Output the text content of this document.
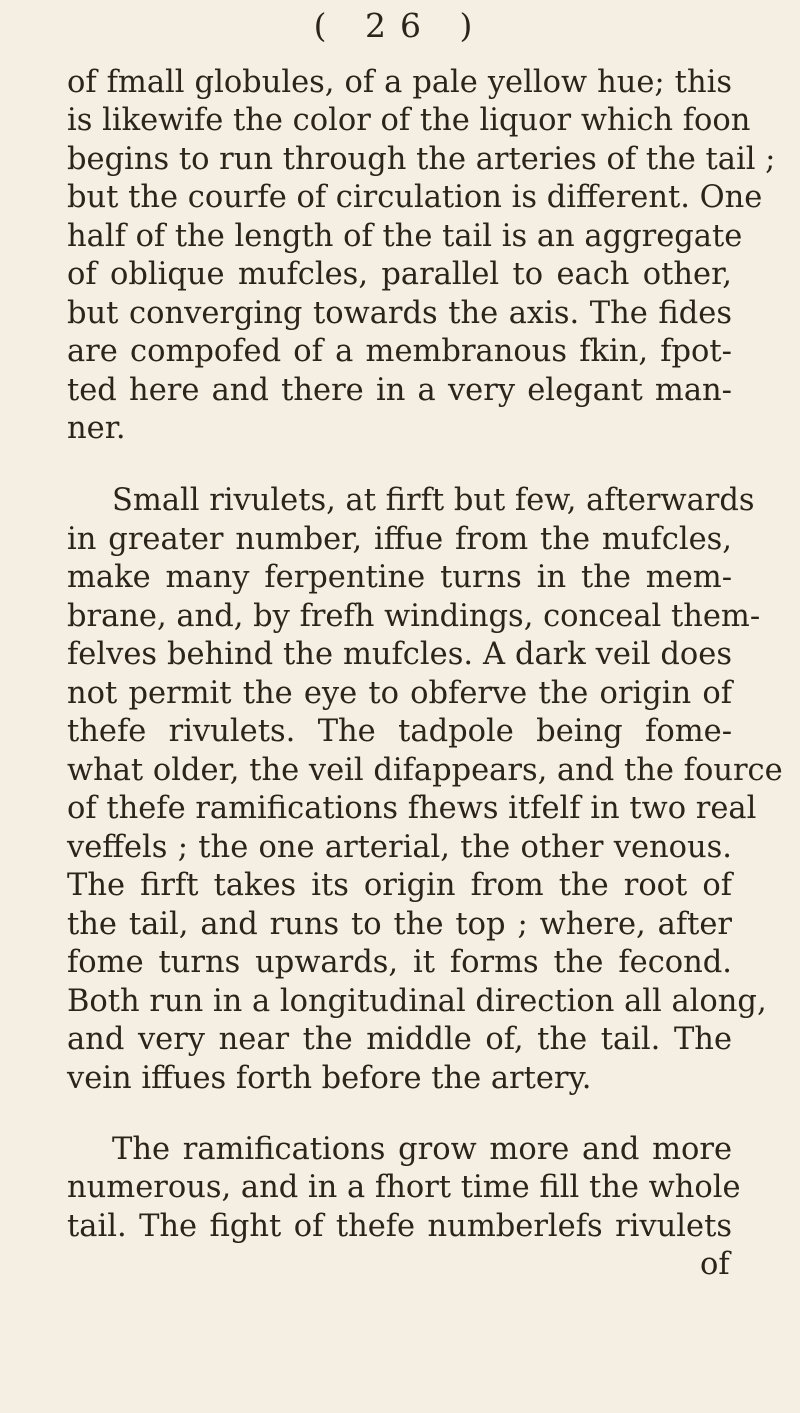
( 26 )
of fmall globules, of a pale yellow hue; this
is likewife the color of the liquor which foon
begins to run through the arteries of the tail ;
but the courfe of circulation is different. One
half of the length of the tail is an aggregate
of oblique mufcles, parallel to each other,
but converging towards the axis. The fides
are compofed of a membranous fkin, fpot-
ted here and there in a very elegant man-
ner.
Small rivulets, at firft but few, afterwards
in greater number, iffue from the mufcles,
make many ferpentine turns in the mem-
brane, and, by frefh windings, conceal them-
felves behind the mufcles. A dark veil does
not permit the eye to obferve the origin of
thefe rivulets. The tadpole being fome-
what older, the veil difappears, and the fource
of thefe ramifications fhews itfelf in two real
veffels ; the one arterial, the other venous.
The firft takes its origin from the root of
the tail, and runs to the top ; where, after
fome turns upwards, it forms the fecond.
Both run in a longitudinal direction all along,
and very near the middle of, the tail. The
vein iffues forth before the artery.
The ramifications grow more and more
numerous, and in a fhort time fill the whole
tail. The fight of thefe numberlefs rivulets
of
